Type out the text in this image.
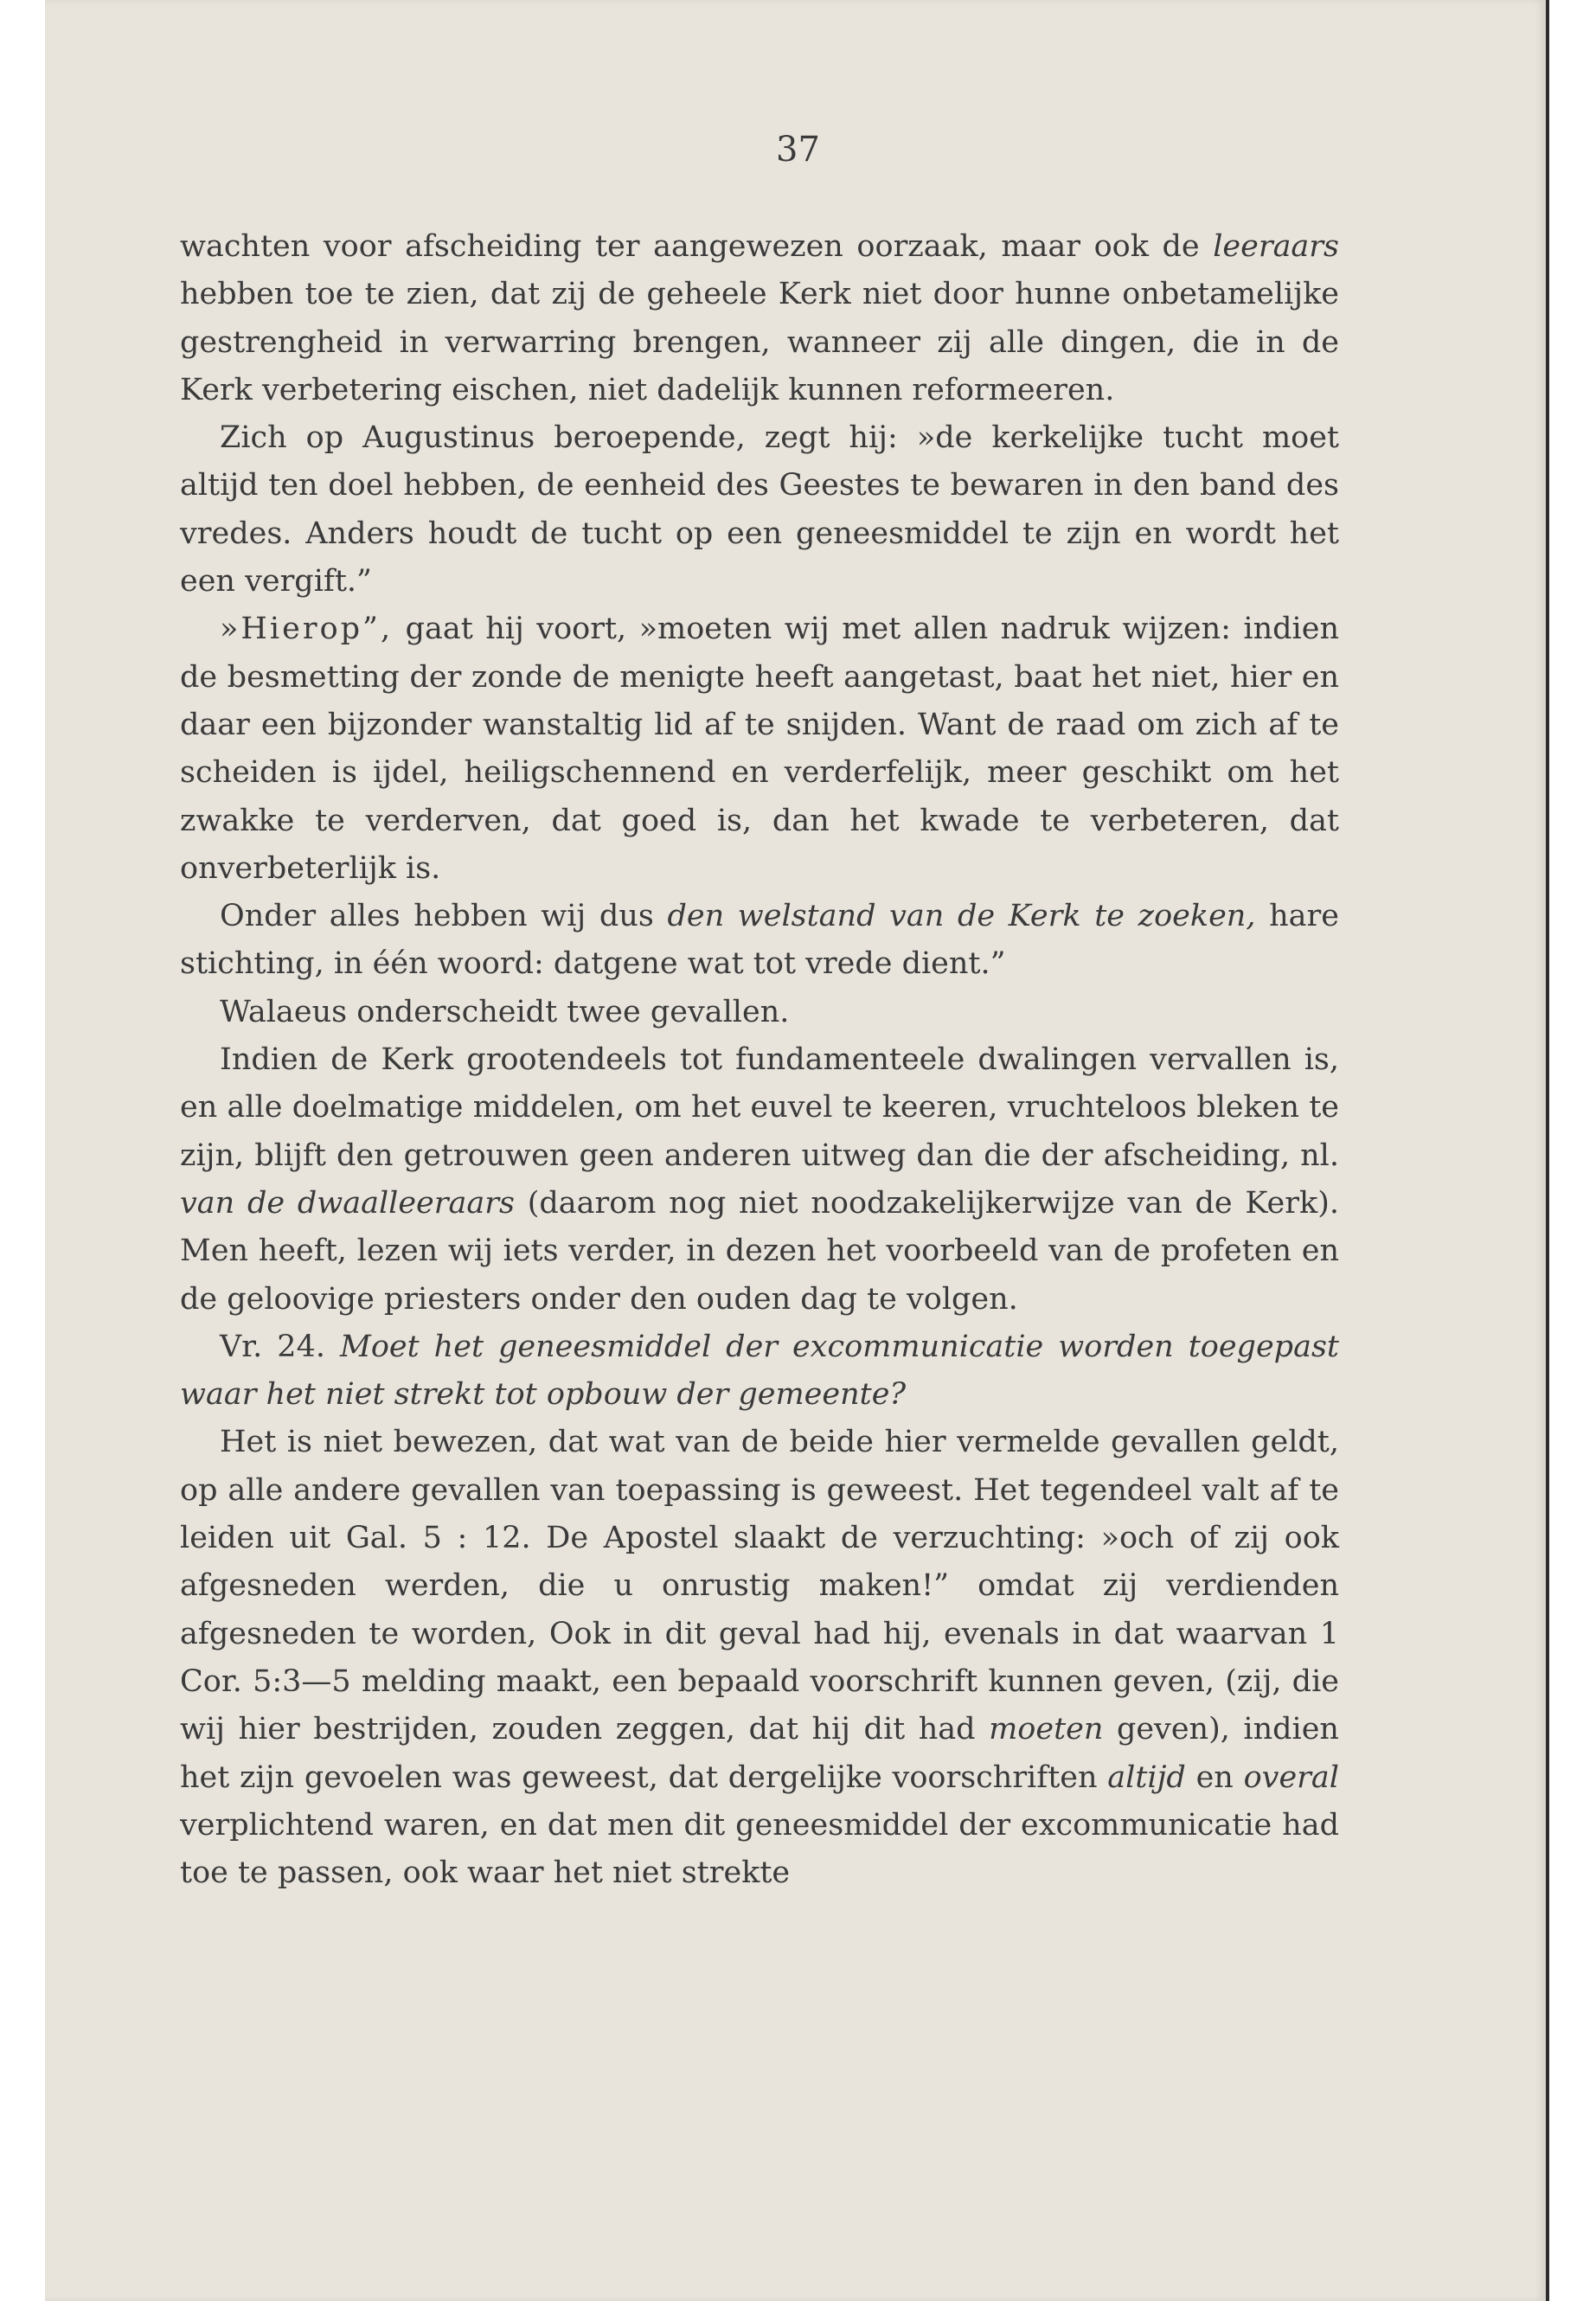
37

wachten voor afscheiding ter aangewezen oorzaak, maar ook de leeraars hebben toe te zien, dat zij de geheele Kerk niet door hunne onbetamelijke gestrengheid in verwarring brengen, wanneer zij alle dingen, die in de Kerk verbetering eischen, niet dadelijk kunnen reformeeren.

Zich op Augustinus beroepende, zegt hij: »de kerkelijke tucht moet altijd ten doel hebben, de eenheid des Geestes te bewaren in den band des vredes. Anders houdt de tucht op een geneesmiddel te zijn en wordt het een vergift.”

»Hierop”, gaat hij voort, »moeten wij met allen nadruk wijzen: indien de besmetting der zonde de menigte heeft aangetast, baat het niet, hier en daar een bijzonder wanstaltig lid af te snijden. Want de raad om zich af te scheiden is ijdel, heiligschennend en verderfelijk, meer geschikt om het zwakke te verderven, dat goed is, dan het kwade te verbeteren, dat onverbeterlijk is.

Onder alles hebben wij dus den welstand van de Kerk te zoeken, hare stichting, in één woord: datgene wat tot vrede dient.”

Walaeus onderscheidt twee gevallen.

Indien de Kerk grootendeels tot fundamenteele dwalingen vervallen is, en alle doelmatige middelen, om het euvel te keeren, vruchteloos bleken te zijn, blijft den getrouwen geen anderen uitweg dan die der afscheiding, nl. van de dwaalleeraars (daarom nog niet noodzakelijkerwijze van de Kerk). Men heeft, lezen wij iets verder, in dezen het voorbeeld van de profeten en de geloovige priesters onder den ouden dag te volgen.

Vr. 24. Moet het geneesmiddel der excommunicatie worden toegepast waar het niet strekt tot opbouw der gemeente?

Het is niet bewezen, dat wat van de beide hier vermelde gevallen geldt, op alle andere gevallen van toepassing is geweest. Het tegendeel valt af te leiden uit Gal. 5 : 12. De Apostel slaakt de verzuchting: »och of zij ook afgesneden werden, die u onrustig maken!” omdat zij verdienden afgesneden te worden, Ook in dit geval had hij, evenals in dat waarvan 1 Cor. 5:3—5 melding maakt, een bepaald voorschrift kunnen geven, (zij, die wij hier bestrijden, zouden zeggen, dat hij dit had moeten geven), indien het zijn gevoelen was geweest, dat dergelijke voorschriften altijd en overal verplichtend waren, en dat men dit geneesmiddel der excommunicatie had toe te passen, ook waar het niet strekte
